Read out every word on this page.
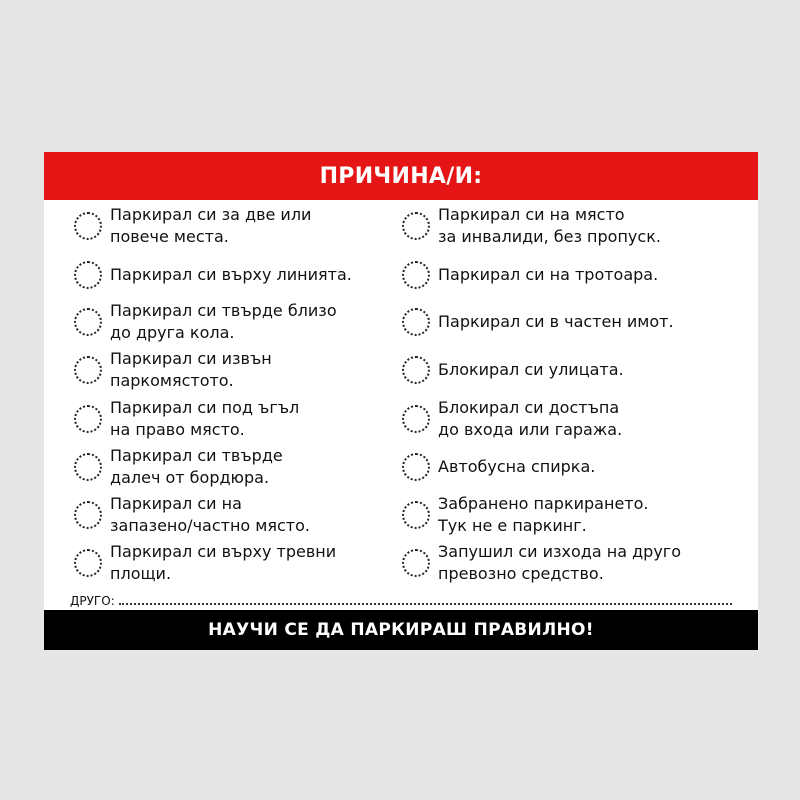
ПРИЧИНА/И:
Паркирал си за две или
повече места.
Паркирал си върху линията.
Паркирал си твърде близо
до друга кола.
Паркирал си извън
паркомястото.
Паркирал си под ъгъл
на право място.
Паркирал си твърде
далеч от бордюра.
Паркирал си на
запазено/частно място.
Паркирал си върху тревни
площи.
Паркирал си на място
за инвалиди, без пропуск.
Паркирал си на тротоара.
Паркирал си в частен имот.
Блокирал си улицата.
Блокирал си достъпа
до входа или гаража.
Автобусна спирка.
Забранено паркирането.
Тук не е паркинг.
Запушил си изхода на друго
превозно средство.
ДРУГО:
НАУЧИ СЕ ДА ПАРКИРАШ ПРАВИЛНО!
